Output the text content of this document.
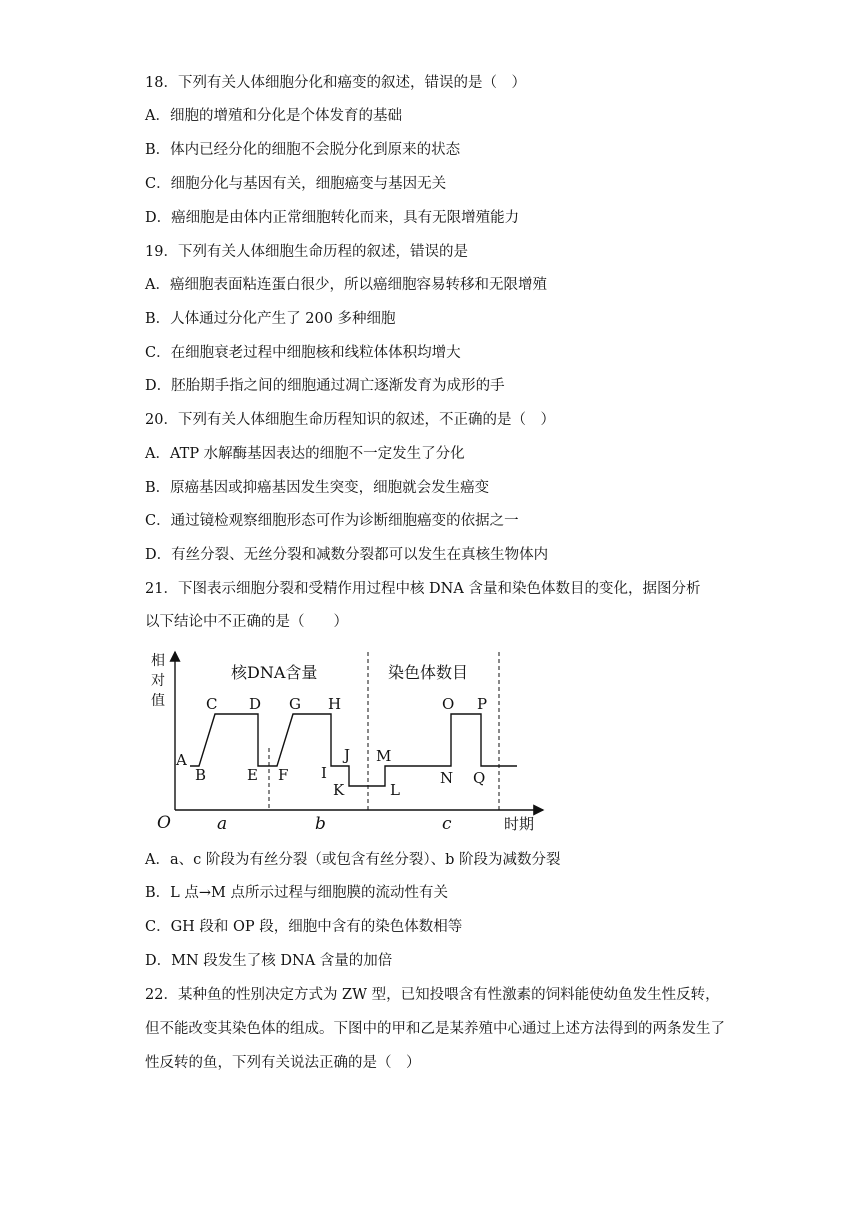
18．下列有关人体细胞分化和癌变的叙述，错误的是（　）
A．细胞的增殖和分化是个体发育的基础
B．体内已经分化的细胞不会脱分化到原来的状态
C．细胞分化与基因有关，细胞癌变与基因无关
D．癌细胞是由体内正常细胞转化而来，具有无限增殖能力
19．下列有关人体细胞生命历程的叙述，错误的是
A．癌细胞表面粘连蛋白很少，所以癌细胞容易转移和无限增殖
B．人体通过分化产生了 200 多种细胞
C．在细胞衰老过程中细胞核和线粒体体积均增大
D．胚胎期手指之间的细胞通过凋亡逐渐发育为成形的手
20．下列有关人体细胞生命历程知识的叙述，不正确的是（　）
A．ATP 水解酶基因表达的细胞不一定发生了分化
B．原癌基因或抑癌基因发生突变，细胞就会发生癌变
C．通过镜检观察细胞形态可作为诊断细胞癌变的依据之一
D．有丝分裂、无丝分裂和减数分裂都可以发生在真核生物体内
21．下图表示细胞分裂和受精作用过程中核 DNA 含量和染色体数目的变化，据图分析
以下结论中不正确的是（　　）
相
对
值
时期
O
核DNA含量	染色体数目
a	b	c
A
B
C D
E F
G H
I
J
K	L
M
N
O P
Q
A．a、c 阶段为有丝分裂（或包含有丝分裂）、b 阶段为减数分裂
B．L 点→M 点所示过程与细胞膜的流动性有关
C．GH 段和 OP 段，细胞中含有的染色体数相等
D．MN 段发生了核 DNA 含量的加倍
22．某种鱼的性别决定方式为 ZW 型，已知投喂含有性激素的饲料能使幼鱼发生性反转，但不能改变其染色体的组成。下图中的甲和乙是某养殖中心通过上述方法得到的两条发生了性反转的鱼，下列有关说法正确的是（　）
